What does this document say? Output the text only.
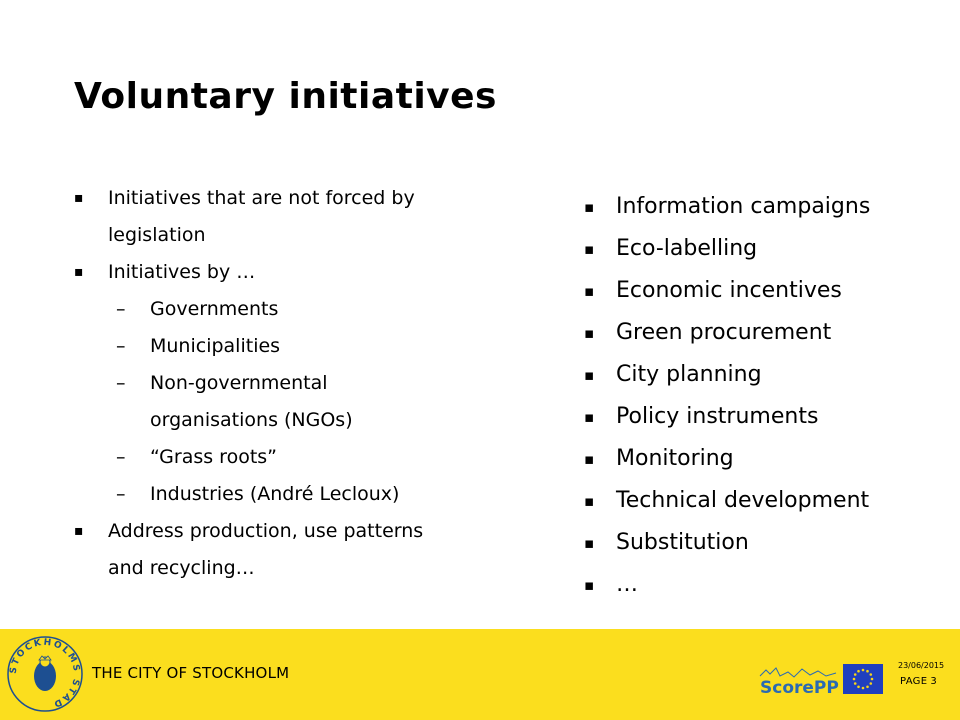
Voluntary initiatives
▪ Initiatives that are not forced by
legislation
▪ Initiatives by …
– Governments
– Municipalities
– Non-governmental
organisations (NGOs)
– “Grass roots”
– Industries (André Lecloux)
▪ Address production, use patterns
and recycling…
▪ Information campaigns
▪ Eco-labelling
▪ Economic incentives
▪ Green procurement
▪ City planning
▪ Policy instruments
▪ Monitoring
▪ Technical development
▪ Substitution
▪ …
STOCKHOLMS STAD
THE CITY OF STOCKHOLM
ScorePP
23/06/2015
PAGE 3
